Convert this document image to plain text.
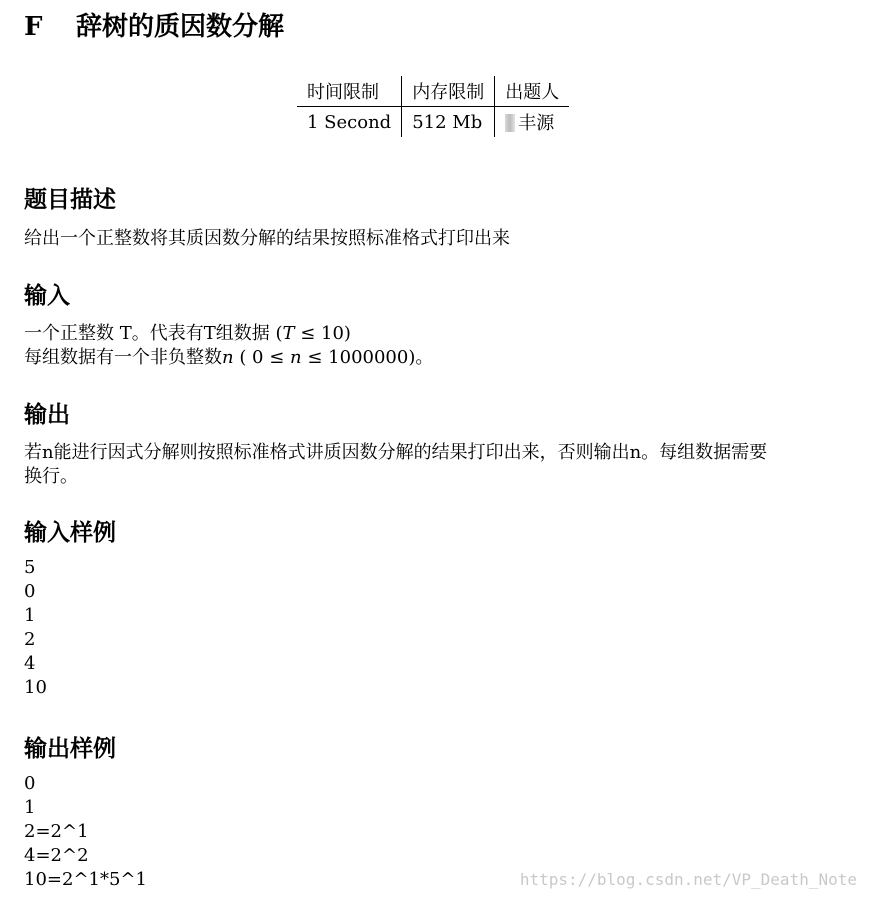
F 辞树的质因数分解
时间限制	内存限制	出题人
1 Second	512 Mb	丰源
题目描述
给出一个正整数将其质因数分解的结果按照标准格式打印出来
输入
一个正整数 T。代表有T组数据 (T ≤ 10)
每组数据有一个非负整数n ( 0 ≤ n ≤ 1000000)。
输出
若n能进行因式分解则按照标准格式讲质因数分解的结果打印出来，否则输出n。每组数据需要
换行。
输入样例
5
0
1
2
4
10
输出样例
0
1
2=2^1
4=2^2
10=2^1*5^1	https://blog.csdn.net/VP_Death_Note
